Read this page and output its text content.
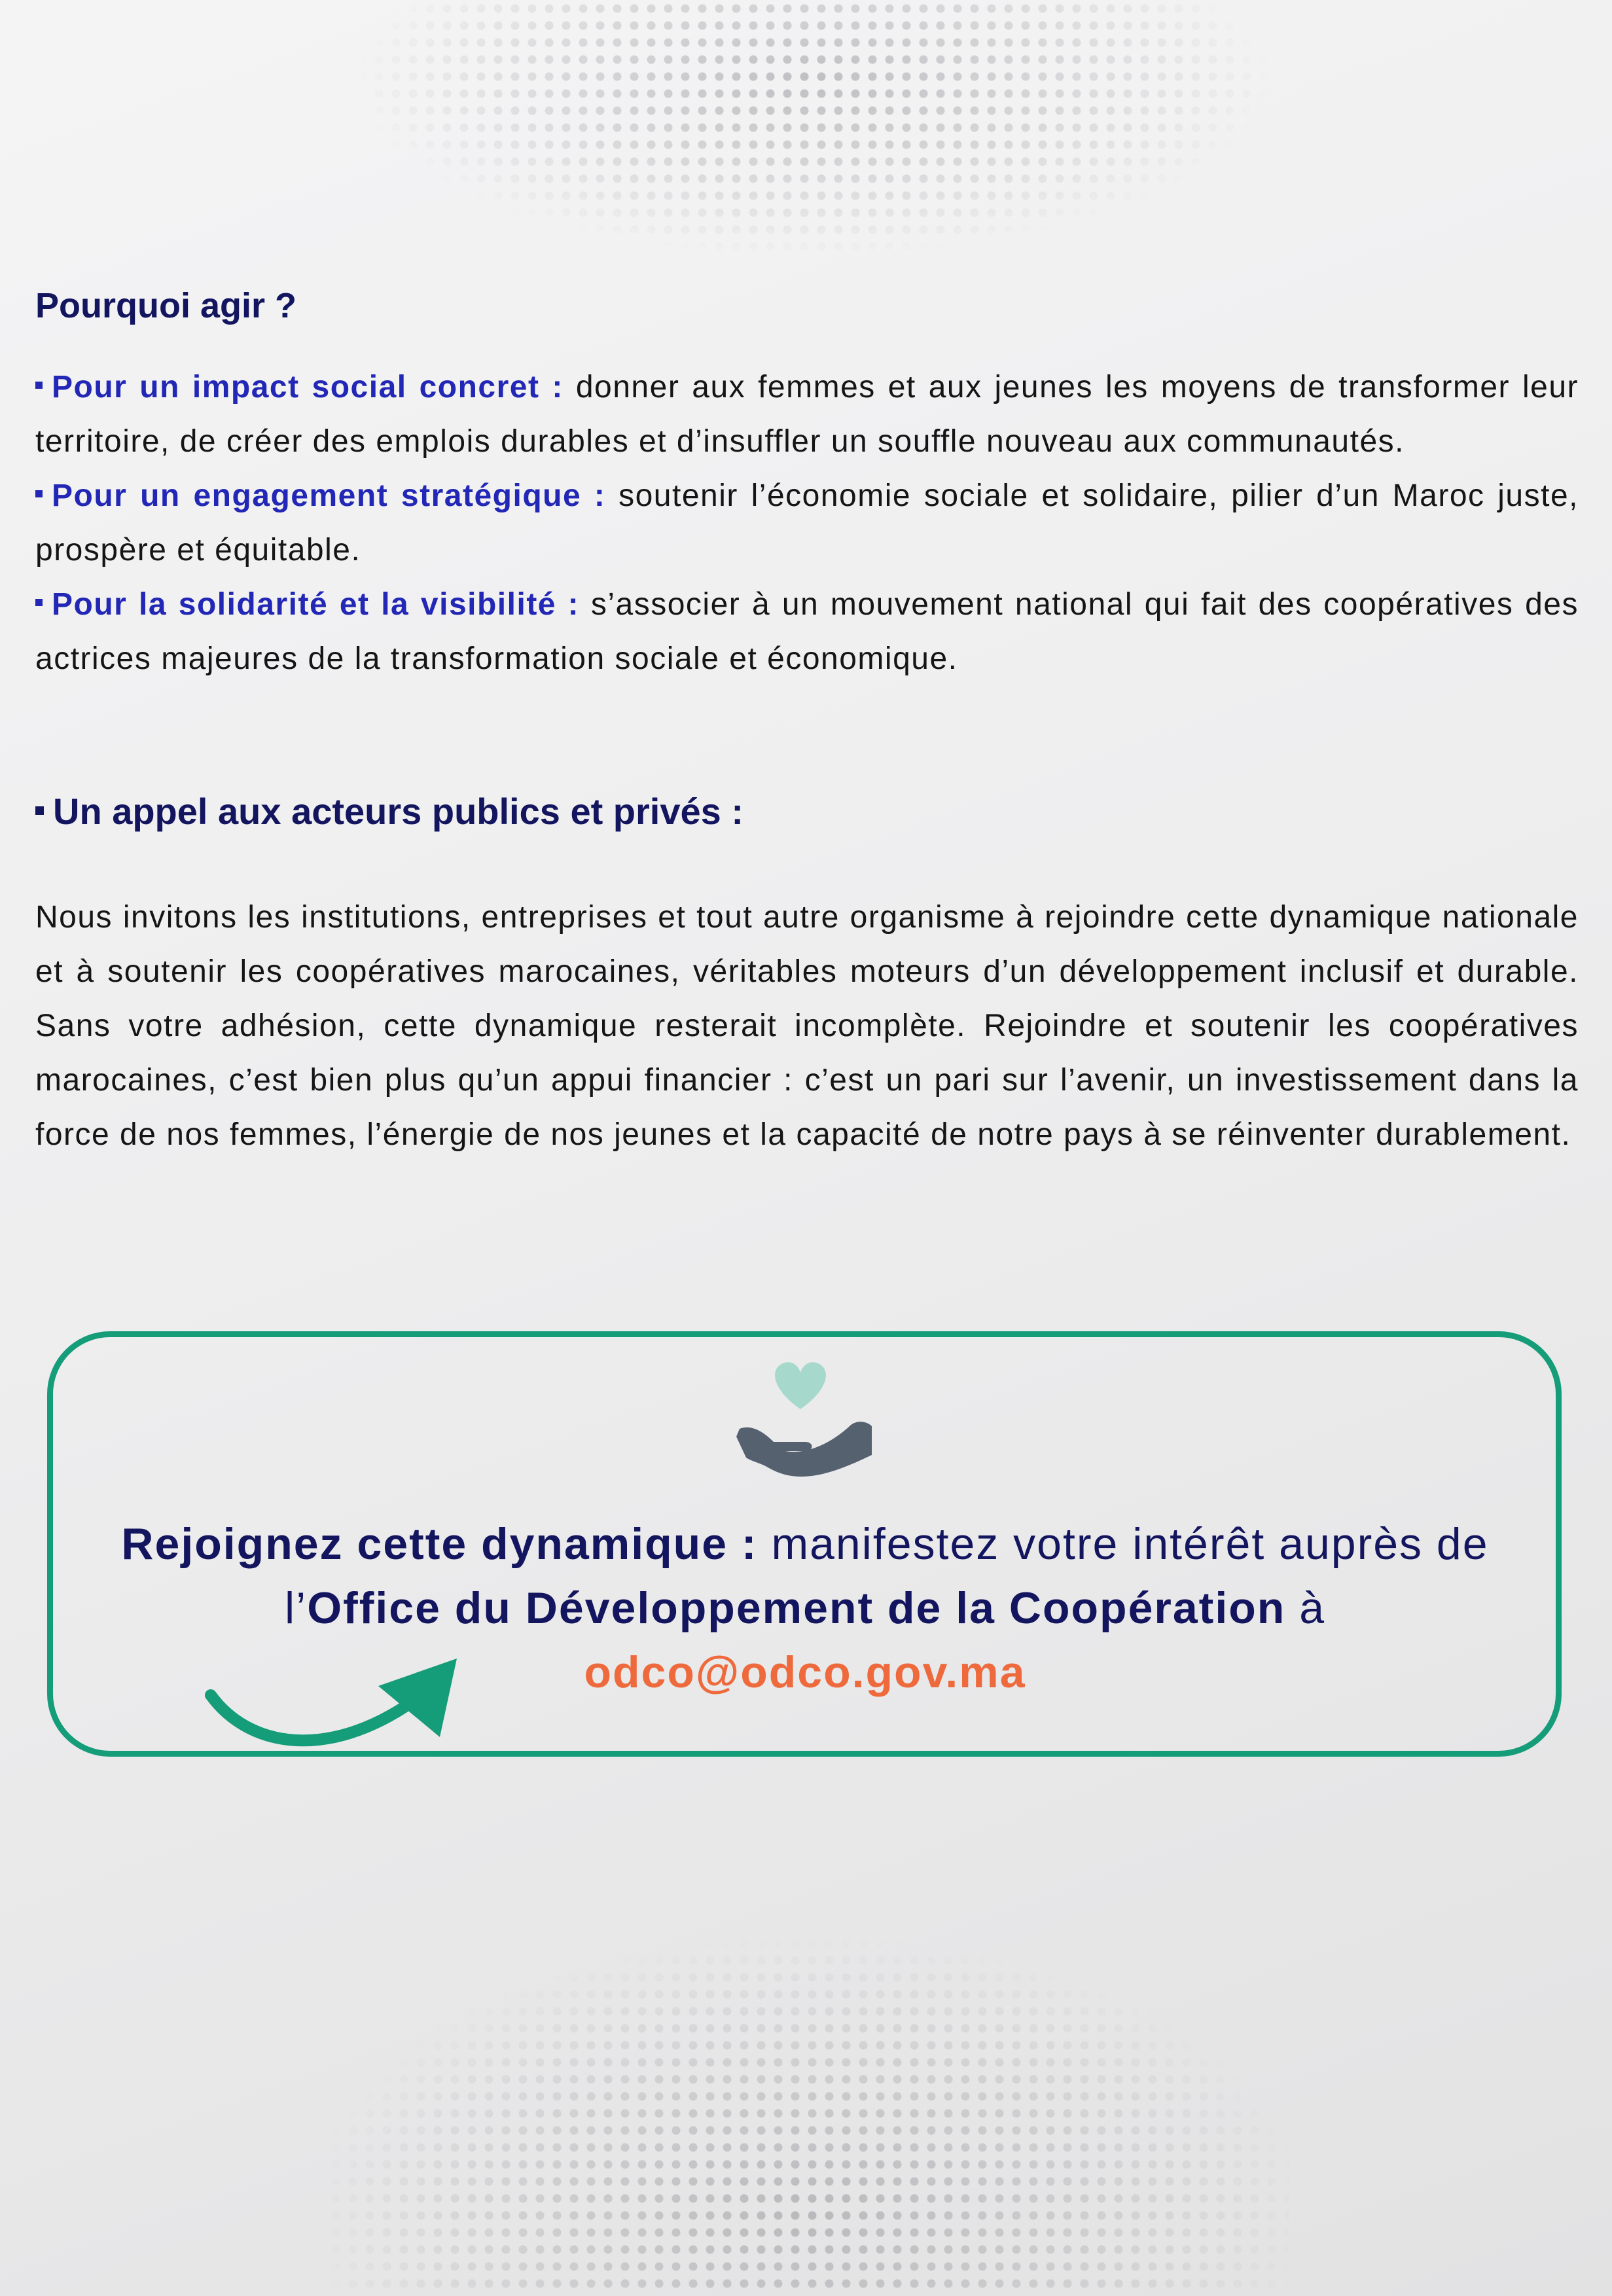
Pourquoi agir ?

Pour un impact social concret : donner aux femmes et aux jeunes les moyens de transformer leur territoire, de créer des emplois durables et d’insuffler un souffle nouveau aux communautés.

Pour un engagement stratégique : soutenir l’économie sociale et solidaire, pilier d’un Maroc juste, prospère et équitable.

Pour la solidarité et la visibilité : s’associer à un mouvement national qui fait des coopératives des actrices majeures de la transformation sociale et économique.

Un appel aux acteurs publics et privés :

Nous invitons les institutions, entreprises et tout autre organisme à rejoindre cette dynamique nationale et à soutenir les coopératives marocaines, véritables moteurs d’un développement inclusif et durable. Sans votre adhésion, cette dynamique resterait incomplète. Rejoindre et soutenir les coopératives marocaines, c’est bien plus qu’un appui financier : c’est un pari sur l’avenir, un investissement dans la force de nos femmes, l’énergie de nos jeunes et la capacité de notre pays à se réinventer durablement.

Rejoignez cette dynamique : manifestez votre intérêt auprès de l’Office du Développement de la Coopération à
odco@odco.gov.ma
